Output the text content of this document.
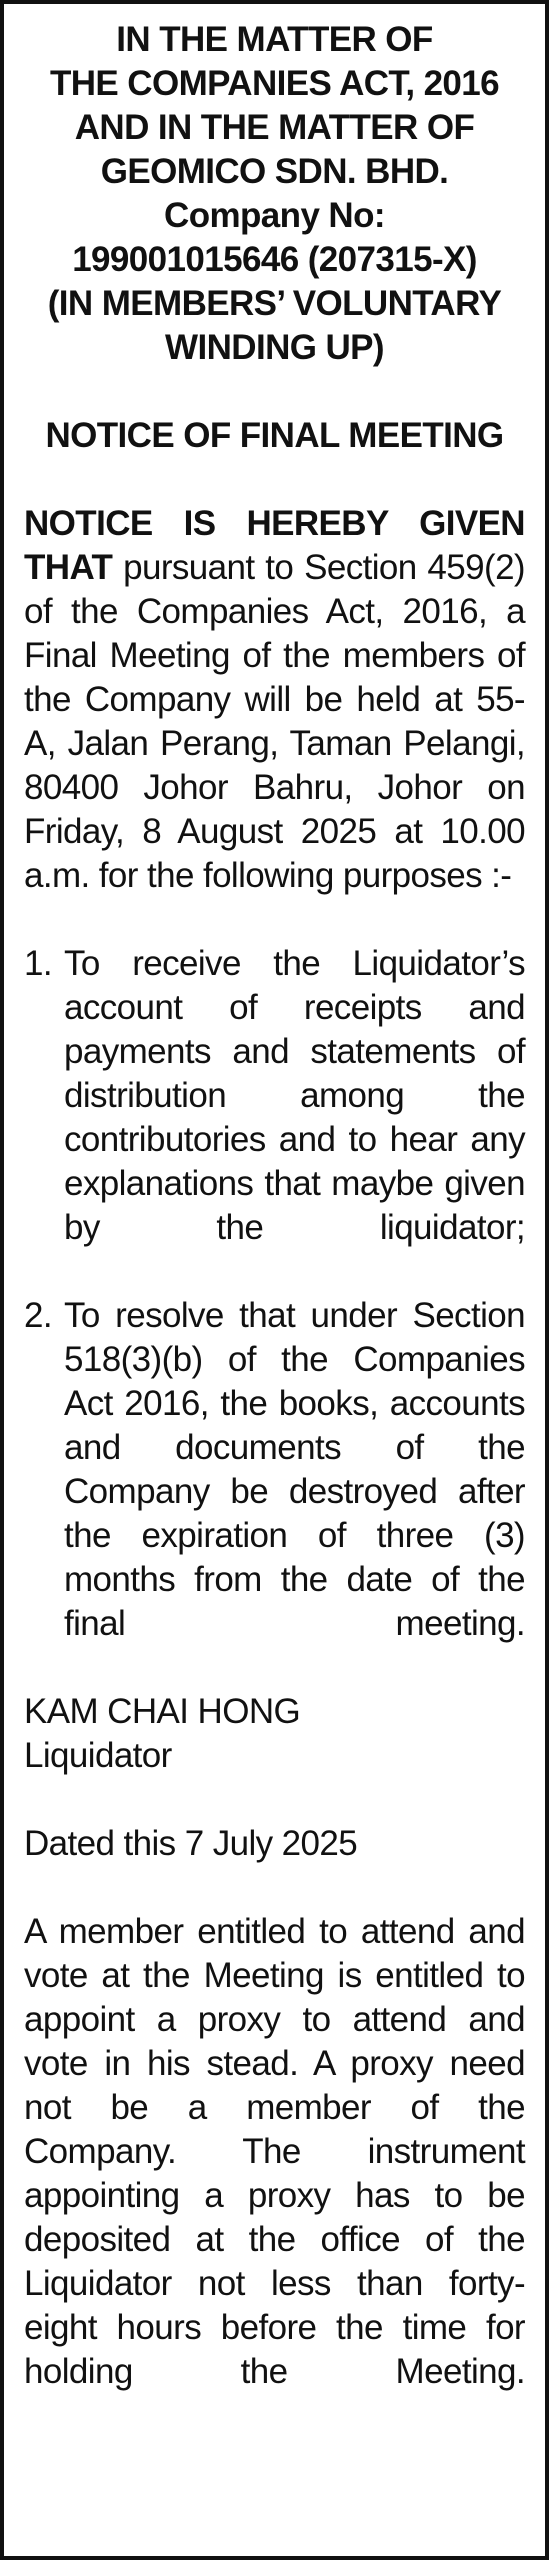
IN THE MATTER OF
THE COMPANIES ACT, 2016
AND IN THE MATTER OF
GEOMICO SDN. BHD.
Company No:
199001015646 (207315-X)
(IN MEMBERS’ VOLUNTARY
WINDING UP)
NOTICE OF FINAL MEETING

NOTICE IS HEREBY GIVEN THAT pursuant to Section 459(2) of the Companies Act, 2016, a Final Meeting of the members of the Company will be held at 55-A, Jalan Perang, Taman Pelangi, 80400 Johor Bahru, Johor on Friday, 8 August 2025 at 10.00 a.m. for the following purposes :-

1. To receive the Liquidator’s account of receipts and payments and statements of distribution among the contributories and to hear any explanations that maybe given by the liquidator;
2. To resolve that under Section 518(3)(b) of the Companies Act 2016, the books, accounts and documents of the Company be destroyed after the expiration of three (3) months from the date of the final meeting.
KAM CHAI HONG
Liquidator
Dated this 7 July 2025

A member entitled to attend and vote at the Meeting is entitled to appoint a proxy to attend and vote in his stead. A proxy need not be a member of the Company. The instrument appointing a proxy has to be deposited at the office of the Liquidator not less than forty-eight hours before the time for holding the Meeting.
